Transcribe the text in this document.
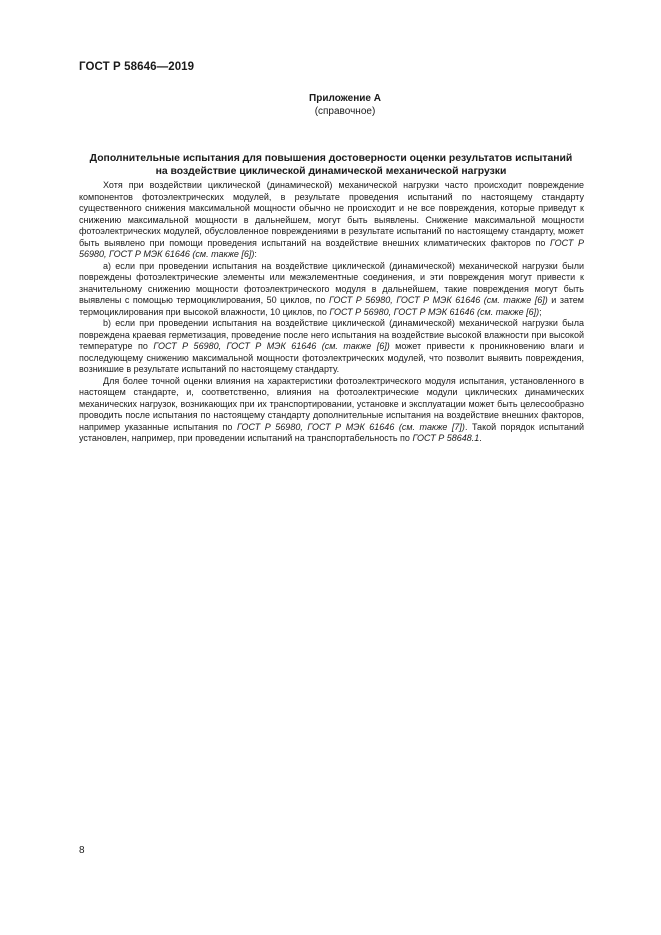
ГОСТ Р 58646—2019
Приложение А
(справочное)
Дополнительные испытания для повышения достоверности оценки результатов испытаний
на воздействие циклической динамической механической нагрузки

Хотя при воздействии циклической (динамической) механической нагрузки часто происходит повреждение компонентов фотоэлектрических модулей, в результате проведения испытаний по настоящему стандарту существенного снижения максимальной мощности обычно не происходит и не все повреждения, которые приведут к снижению максимальной мощности в дальнейшем, могут быть выявлены. Снижение максимальной мощности фотоэлектрических модулей, обусловленное повреждениями в результате испытаний по настоящему стандарту, может быть выявлено при помощи проведения испытаний на воздействие внешних климатических факторов по ГОСТ Р 56980, ГОСТ Р МЭК 61646 (см. также [6]):

a) если при проведении испытания на воздействие циклической (динамической) механической нагрузки были повреждены фотоэлектрические элементы или межэлементные соединения, и эти повреждения могут привести к значительному снижению мощности фотоэлектрического модуля в дальнейшем, такие повреждения могут быть выявлены с помощью термоциклирования, 50 циклов, по ГОСТ Р 56980, ГОСТ Р МЭК 61646 (см. также [6]) и затем термоциклирования при высокой влажности, 10 циклов, по ГОСТ Р 56980, ГОСТ Р МЭК 61646 (см. также [6]);

b) если при проведении испытания на воздействие циклической (динамической) механической нагрузки была повреждена краевая герметизация, проведение после него испытания на воздействие высокой влажности при высокой температуре по ГОСТ Р 56980, ГОСТ Р МЭК 61646 (см. также [6]) может привести к проникновению влаги и последующему снижению максимальной мощности фотоэлектрических модулей, что позволит выявить повреждения, возникшие в результате испытаний по настоящему стандарту.

Для более точной оценки влияния на характеристики фотоэлектрического модуля испытания, установленного в настоящем стандарте, и, соответственно, влияния на фотоэлектрические модули циклических динамических механических нагрузок, возникающих при их транспортировании, установке и эксплуатации может быть целесообразно проводить после испытания по настоящему стандарту дополнительные испытания на воздействие внешних факторов, например указанные испытания по ГОСТ Р 56980, ГОСТ Р МЭК 61646 (см. также [7]). Такой порядок испытаний установлен, например, при проведении испытаний на транспортабельность по ГОСТ Р 58648.1.

8
